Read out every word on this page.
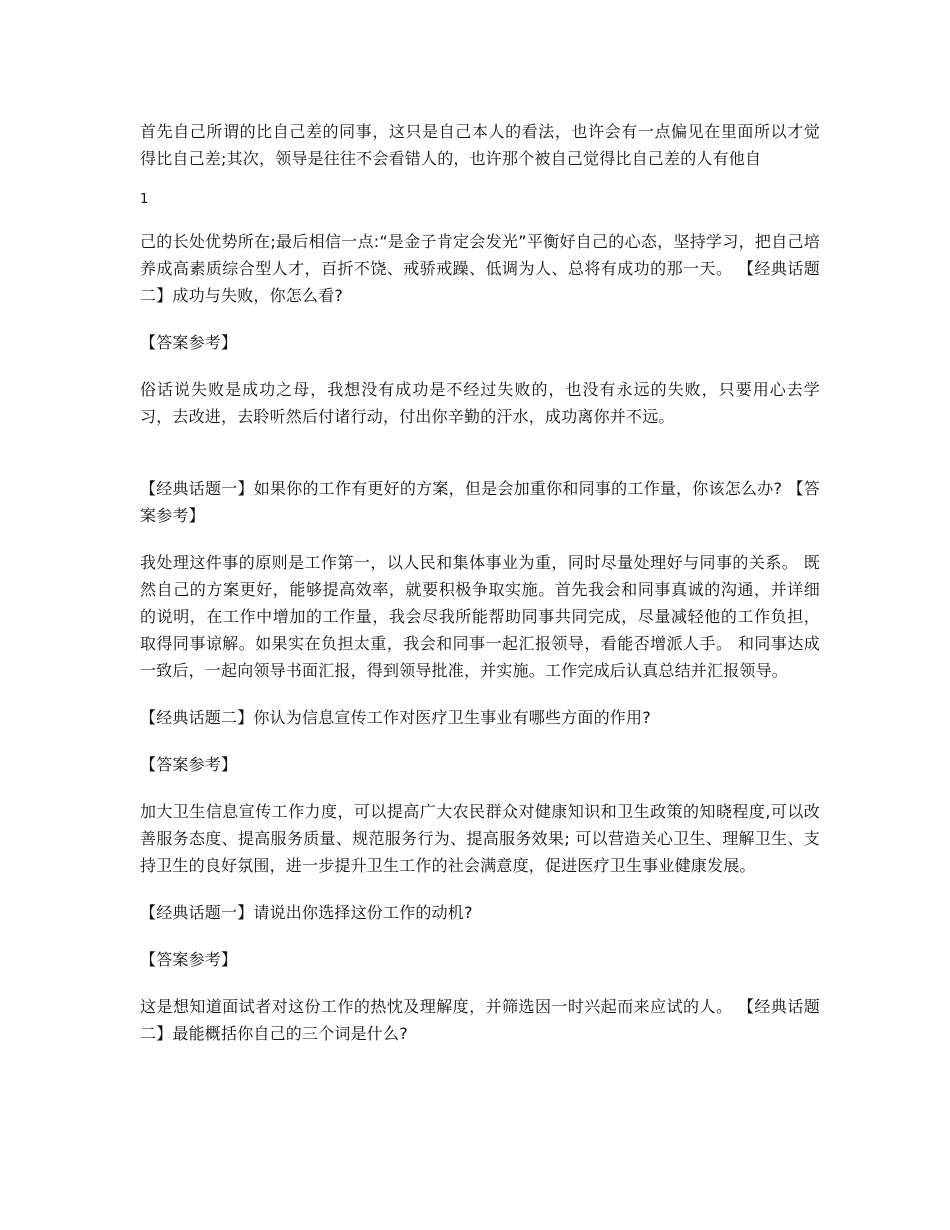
首先自己所谓的比自己差的同事，这只是自己本人的看法，也许会有一点偏见在里面所以才觉得比自己差;其次，领导是往往不会看错人的，也许那个被自己觉得比自己差的人有他自

1

己的长处优势所在;最后相信一点:“是金子肯定会发光”平衡好自己的心态，坚持学习，把自己培养成高素质综合型人才，百折不饶、戒骄戒躁、低调为人、总将有成功的那一天。 【经典话题二】成功与失败，你怎么看?

【答案参考】

俗话说失败是成功之母，我想没有成功是不经过失败的，也没有永远的失败，只要用心去学习，去改进，去聆听然后付诸行动，付出你辛勤的汗水，成功离你并不远。

【经典话题一】如果你的工作有更好的方案，但是会加重你和同事的工作量，你该怎么办? 【答案参考】

我处理这件事的原则是工作第一，以人民和集体事业为重，同时尽量处理好与同事的关系。 既然自己的方案更好，能够提高效率，就要积极争取实施。首先我会和同事真诚的沟通，并详细的说明，在工作中增加的工作量，我会尽我所能帮助同事共同完成，尽量减轻他的工作负担，取得同事谅解。如果实在负担太重，我会和同事一起汇报领导，看能否增派人手。 和同事达成一致后，一起向领导书面汇报，得到领导批准，并实施。工作完成后认真总结并汇报领导。

【经典话题二】你认为信息宣传工作对医疗卫生事业有哪些方面的作用?

【答案参考】

加大卫生信息宣传工作力度，可以提高广大农民群众对健康知识和卫生政策的知晓程度,可以改善服务态度、提高服务质量、规范服务行为、提高服务效果; 可以营造关心卫生、理解卫生、支持卫生的良好氛围，进一步提升卫生工作的社会满意度，促进医疗卫生事业健康发展。

【经典话题一】请说出你选择这份工作的动机?

【答案参考】

这是想知道面试者对这份工作的热忱及理解度，并筛选因一时兴起而来应试的人。 【经典话题二】最能概括你自己的三个词是什么?
